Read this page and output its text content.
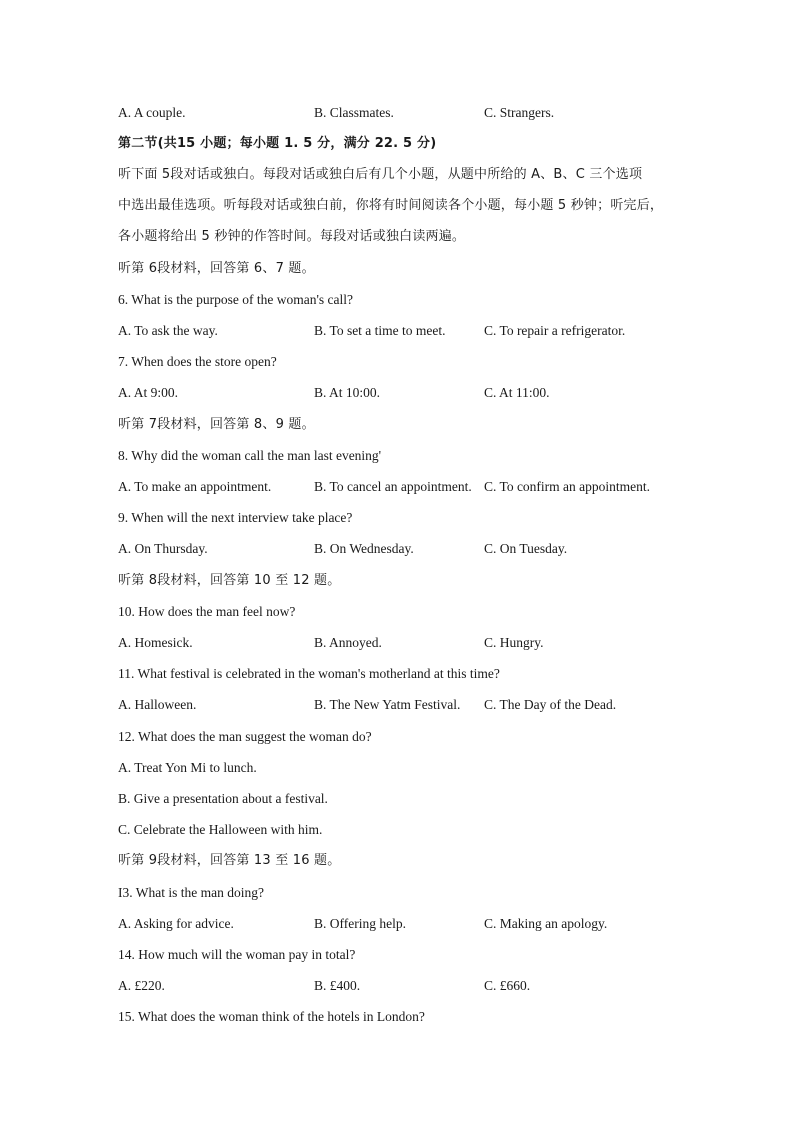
A. A couple.	B. Classmates.	C. Strangers.
第二节(共15 小题；每小题 1. 5 分，满分 22. 5 分)
听下面 5段对话或独白。每段对话或独白后有几个小题，从题中所给的 A、B、C 三个选项
中选出最佳选项。听每段对话或独白前，你将有时间阅读各个小题，每小题 5 秒钟；听完后，
各小题将给出 5 秒钟的作答时间。每段对话或独白读两遍。
听第 6段材料，回答第 6、7 题。
6. What is the purpose of the woman's call?
A. To ask the way.	B. To set a time to meet.	C. To repair a refrigerator.
7. When does the store open?
A. At 9:00.	B. At 10:00.	C. At 11:00.
听第 7段材料，回答第 8、9 题。
8. Why did the woman call the man last evening'
A. To make an appointment.	B. To cancel an appointment. C. To confirm an appointment.
9. When will the next interview take place?
A. On Thursday.	B. On Wednesday.	C. On Tuesday.
听第 8段材料，回答第 10 至 12 题。
10. How does the man feel now?
A. Homesick.	B. Annoyed.	C. Hungry.
11. What festival is celebrated in the woman's motherland at this time?
A. Halloween.	B. The New Yatm Festival. C. The Day of the Dead.
12. What does the man suggest the woman do?
A. Treat Yon Mi to lunch.
B. Give a presentation about a festival.
C. Celebrate the Halloween with him.
听第 9段材料，回答第 13 至 16 题。
I3. What is the man doing?
A. Asking for advice.	B. Offering help.	C. Making an apology.
14. How much will the woman pay in total?
A. £220.	B. £400.	C. £660.
15. What does the woman think of the hotels in London?
